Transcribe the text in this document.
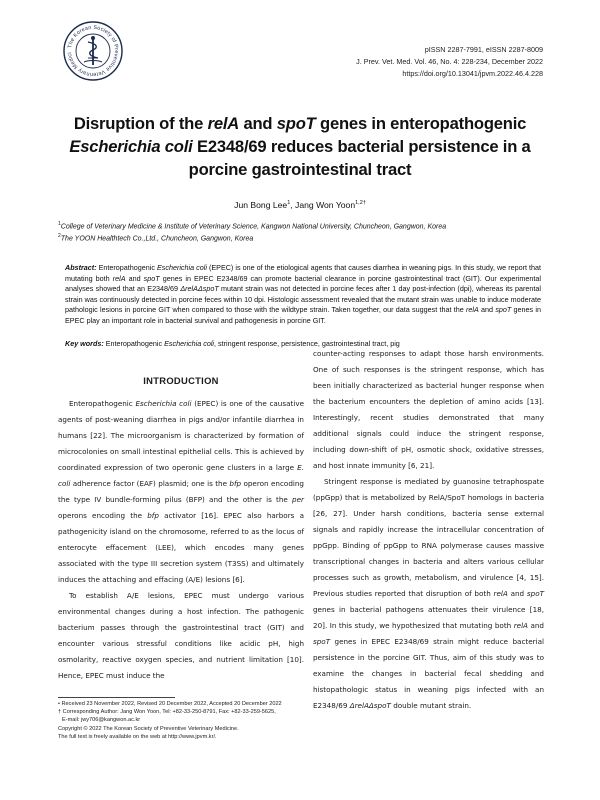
The Korean Society of Preventive Veterinary Medici	pISSN 2287-7991, eISSN 2287-8009
J. Prev. Vet. Med. Vol. 46, No. 4: 228-234, December 2022
https://doi.org/10.13041/jpvm.2022.46.4.228
Disruption of the relA and spoT genes in enteropathogenic
Escherichia coli E2348/69 reduces bacterial persistence in a
porcine gastrointestinal tract
Jun Bong Lee$^1$, Jang Won Yoon$^{1,2\dagger}$
$^1$College of Veterinary Medicine & Institute of Veterinary Science, Kangwon National University, Chuncheon, Gangwon, Korea
$^2$The YOON Healthtech Co.,Ltd., Chuncheon, Gangwon, Korea

Abstract: Enteropathogenic Escherichia coli (EPEC) is one of the etiological agents that causes diarrhea in weaning pigs. In this study, we report that mutating both relA and spoT genes in EPEC E2348/69 can promote bacterial clearance in porcine gastrointestinal tract (GIT). Our experimental analyses showed that an E2348/69 ΔrelAΔspoT mutant strain was not detected in porcine feces after 1 day post-infection (dpi), whereas its parental strain was continuously detected in porcine feces within 10 dpi. Histologic assessment revealed that the mutant strain was unable to induce moderate pathologic lesions in porcine GIT when compared to those with the wildtype strain. Taken together, our data suggest that the relA and spoT genes in EPEC play an important role in bacterial survival and pathogenesis in porcine GIT.

Key words: Enteropathogenic Escherichia coli, stringent response, persistence, gastrointestinal tract, pig

INTRODUCTION

Enteropathogenic Escherichia coli (EPEC) is one of the causative agents of post-weaning diarrhea in pigs and/or infantile diarrhea in humans [22]. The microorganism is characterized by formation of microcolonies on small intestinal epithelial cells. This is achieved by coordinated expression of two operonic gene clusters in a large E. coli adherence factor (EAF) plasmid; one is the bfp operon encoding the type IV bundle-forming pilus (BFP) and the other is the per operons encoding the bfp activator [16]. EPEC also harbors a pathogenicity island on the chromosome, referred to as the locus of enterocyte effacement (LEE), which encodes many genes associated with the type III secretion system (T3SS) and ultimately induces the attaching and effacing (A/E) lesions [6].

To establish A/E lesions, EPEC must undergo various environmental changes during a host infection. The pathogenic bacterium passes through the gastrointestinal tract (GIT) and encounter various stressful conditions like acidic pH, high osmolarity, reactive oxygen species, and nutrient limitation [10]. Hence, EPEC must induce the

counter-acting responses to adapt those harsh environments. One of such responses is the stringent response, which has been initially characterized as bacterial hunger response when the bacterium encounters the depletion of amino acids [13]. Interestingly, recent studies demonstrated that many additional signals could induce the stringent response, including down-shift of pH, osmotic shock, oxidative stresses, and host innate immunity [6, 21].

Stringent response is mediated by guanosine tetraphospate (ppGpp) that is metabolized by RelA/SpoT homologs in bacteria [26, 27]. Under harsh conditions, bacteria sense external signals and rapidly increase the intracellular concentration of ppGpp. Binding of ppGpp to RNA polymerase causes massive transcriptional changes in bacteria and alters various cellular processes such as growth, metabolism, and virulence [4, 15]. Previous studies reported that disruption of both relA and spoT genes in bacterial pathogens attenuates their virulence [18, 20]. In this study, we hypothesized that mutating both relA and spoT genes in EPEC E2348/69 strain might reduce bacterial persistence in the porcine GIT. Thus, aim of this study was to examine the changes in bacterial fecal shedding and histopathologic status in weaning pigs infected with an E2348/69 ΔrelAΔspoT double mutant strain.

• Received 23 November 2022, Revised 20 December 2022, Accepted 20 December 2022
† Corresponding Author: Jang Won Yoon, Tel: +82-33-250-8791, Fax: +82-33-259-5625,
E-mail: jwy706@kangwon.ac.kr
Copyright © 2022 The Korean Society of Preventive Veterinary Medicine.
The full text is freely available on the web at http://www.jpvm.kr/.
